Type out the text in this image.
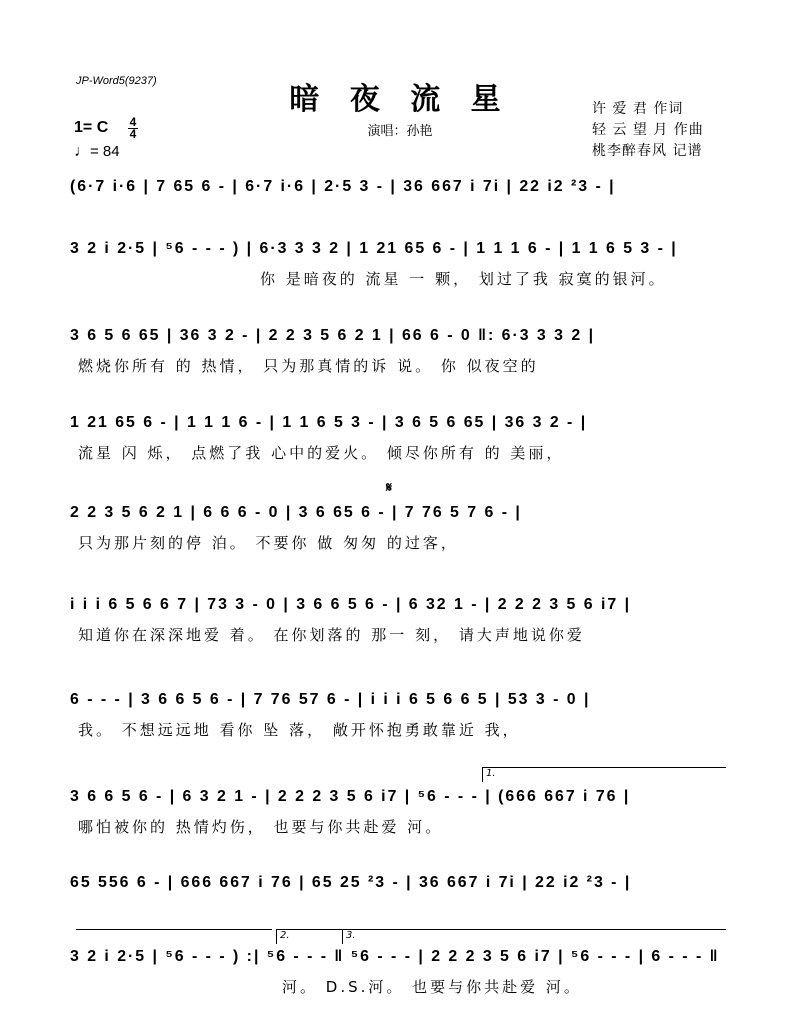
JP-Word5(9237)
暗 夜 流 星
演唱：孙艳
许 爱 君 作词
轻 云 望 月 作曲
桃李醉春风 记谱
1= C 4
4
♩= 84
𝄋
(6·7 i·6 | 7 65 6 - | 6·7 i·6 | 2·5 3 - | 36 667 i 7i | 22 i2 ²3 - |
3 2 i 2·5 | ⁵6 - - - ) | 6·3 3 3 2 | 1 21 65 6 - | 1 1 1 6 - | 1 1 6 5 3 - |
你 是暗夜的 流星 一 颗， 划过了我 寂寞的银河。
3 6 5 6 65 | 36 3 2 - | 2 2 3 5 6 2 1 | 66 6 - 0 ‖: 6·3 3 3 2 |
燃烧你所有 的 热情， 只为那真情的诉 说。 你 似夜空的
1 21 65 6 - | 1 1 1 6 - | 1 1 6 5 3 - | 3 6 5 6 65 | 36 3 2 - |
流星 闪 烁， 点燃了我 心中的爱火。 倾尽你所有 的 美丽，
2 2 3 5 6 2 1 | 6 6 6 - 0 | 3 6 65 6 - | 7 76 5 7 6 - |
只为那片刻的停 泊。 不要你 做 匆匆 的过客，
i i i 6 5 6 6 7 | 73 3 - 0 | 3 6 6 5 6 - | 6 32 1 - | 2 2 2 3 5 6 i7 |
知道你在深深地爱 着。 在你划落的 那一 刻， 请大声地说你爱
6 - - - | 3 6 6 5 6 - | 7 76 57 6 - | i i i 6 5 6 6 5 | 53 3 - 0 |
我。 不想远远地 看你 坠 落， 敞开怀抱勇敢靠近 我，
3 6 6 5 6 - | 6 3 2 1 - | 2 2 2 3 5 6 i7 | ⁵6 - - - | (666 667 i 76 |
哪怕被你的 热情灼伤， 也要与你共赴爱 河。
1.
65 556 6 - | 666 667 i 76 | 65 25 ²3 - | 36 667 i 7i | 22 i2 ²3 - |
3 2 i 2·5 | ⁵6 - - - ) :| ⁵6 - - - ‖ ⁵6 - - - | 2 2 2 3 5 6 i7 | ⁵6 - - - | 6 - - - ‖
河。 D.S.河。 也要与你共赴爱 河。
2.	3.
